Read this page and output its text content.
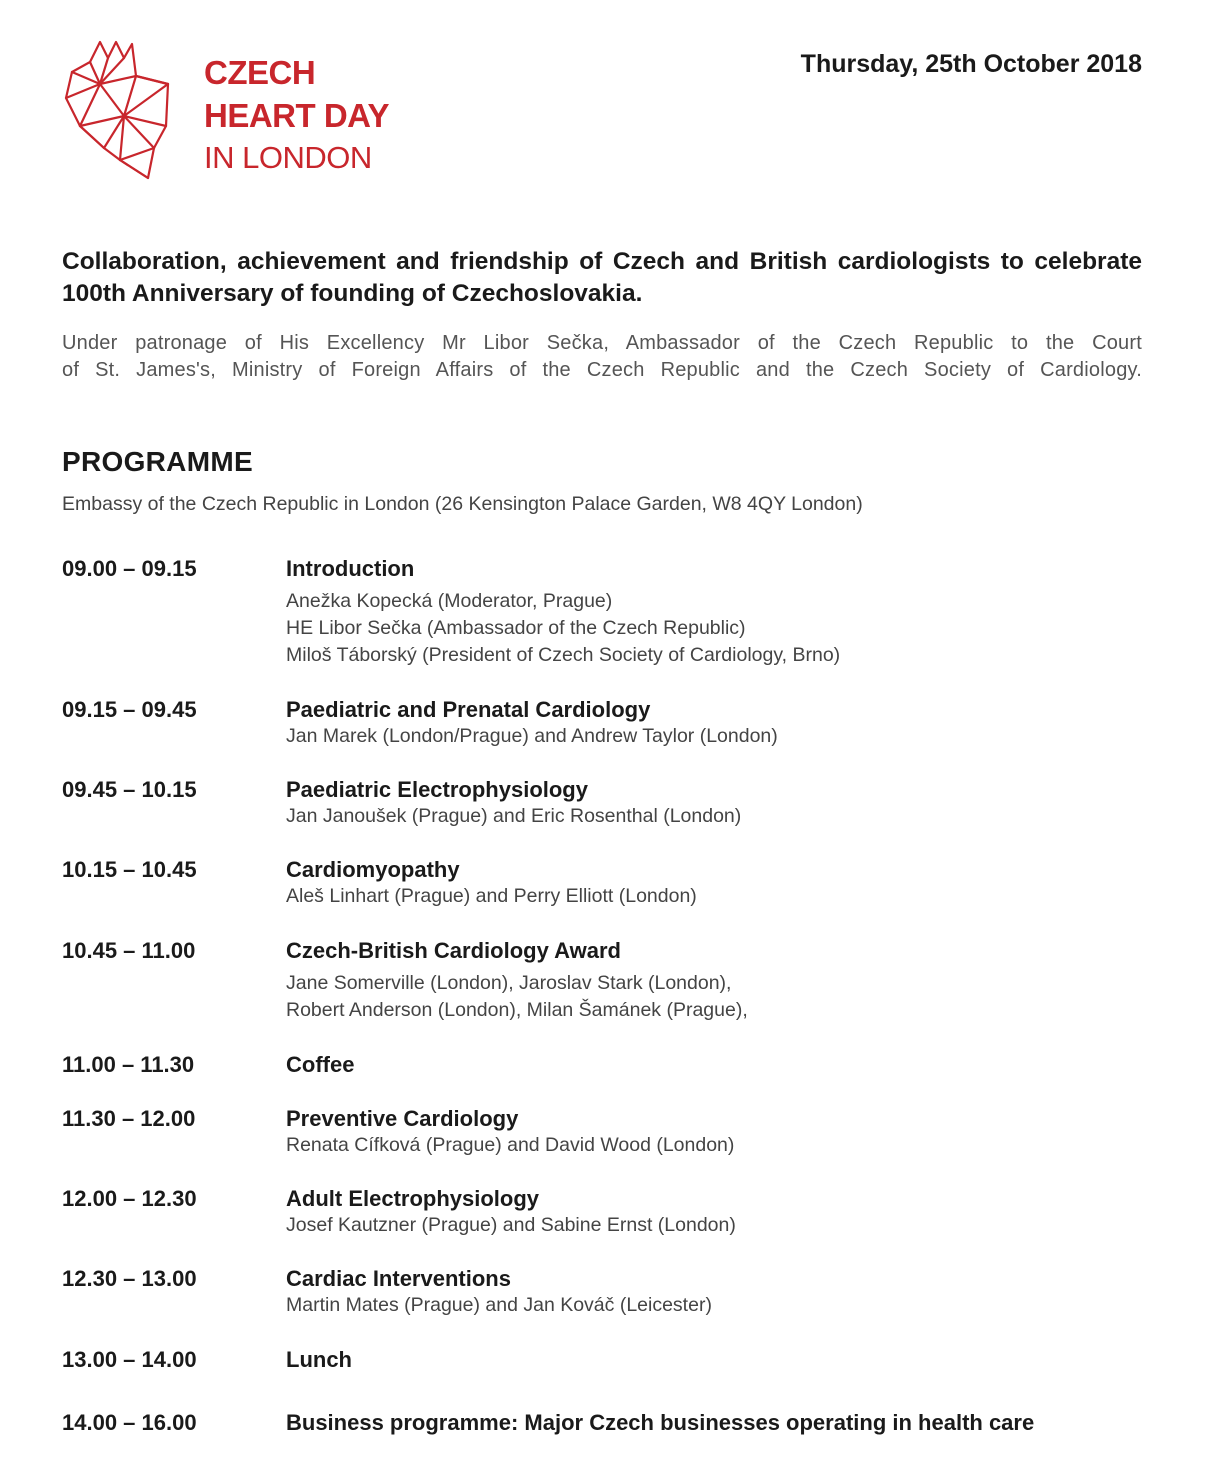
CZECH
HEART DAY
IN LONDON
Thursday, 25th October 2018
Collaboration, achievement and friendship of Czech and British cardiologists to celebrate 100th Anniversary of founding of Czechoslovakia.
Under patronage of His Excellency Mr Libor Sečka, Ambassador of the Czech Republic to the Court
of St. James's, Ministry of Foreign Affairs of the Czech Republic and the Czech Society of Cardiology.
PROGRAMME
Embassy of the Czech Republic in London (26 Kensington Palace Garden, W8 4QY London)
09.00 – 09.15	Introduction
Anežka Kopecká (Moderator, Prague)
HE Libor Sečka (Ambassador of the Czech Republic)
Miloš Táborský (President of Czech Society of Cardiology, Brno)
09.15 – 09.45	Paediatric and Prenatal Cardiology
Jan Marek (London/Prague) and Andrew Taylor (London)
09.45 – 10.15	Paediatric Electrophysiology
Jan Janoušek (Prague) and Eric Rosenthal (London)
10.15 – 10.45	Cardiomyopathy
Aleš Linhart (Prague) and Perry Elliott (London)
10.45 – 11.00	Czech-British Cardiology Award
Jane Somerville (London), Jaroslav Stark (London),
Robert Anderson (London), Milan Šamánek (Prague),
11.00 – 11.30	Coffee
11.30 – 12.00	Preventive Cardiology
Renata Cífková (Prague) and David Wood (London)
12.00 – 12.30	Adult Electrophysiology
Josef Kautzner (Prague) and Sabine Ernst (London)
12.30 – 13.00	Cardiac Interventions
Martin Mates (Prague) and Jan Kováč (Leicester)
13.00 – 14.00	Lunch
14.00 – 16.00	Business programme: Major Czech businesses operating in health care
